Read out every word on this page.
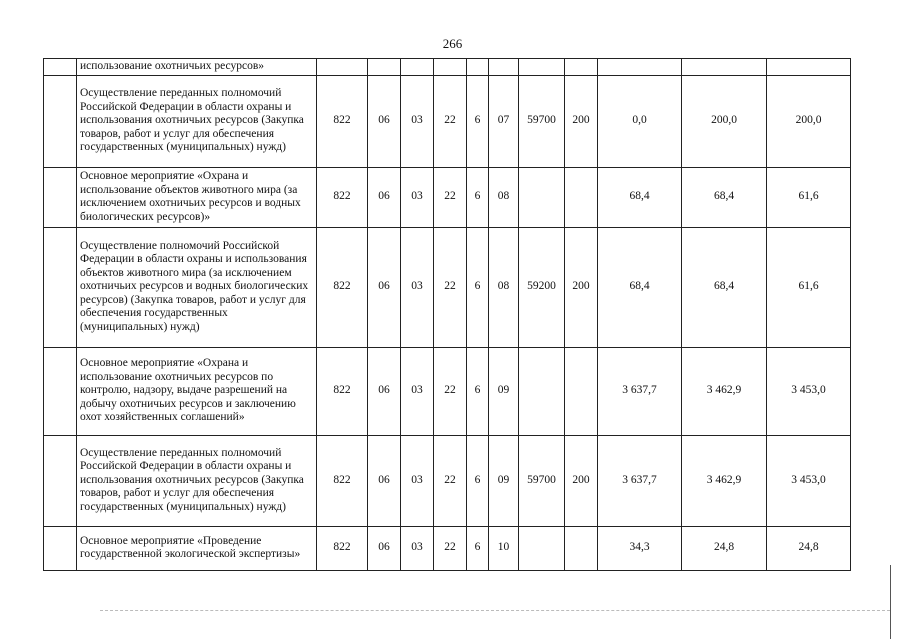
266
	использование охотничьих ресурсов»											
	Осуществление переданных полномочий Российской Федерации в области охраны и использования охотничьих ресурсов (Закупка товаров, работ и услуг для обеспечения государственных (муниципальных) нужд)	822	06	03	22	6	07	59700	200	0,0	200,0	200,0
	Основное мероприятие «Охрана и использование объектов животного мира (за исключением охотничьих ресурсов и водных биологических ресурсов)»	822	06	03	22	6	08			68,4	68,4	61,6
	Осуществление полномочий Российской Федерации в области охраны и использования объектов животного мира (за исключением охотничьих ресурсов и водных биологических ресурсов) (Закупка товаров, работ и услуг для обеспечения государственных (муниципальных) нужд)	822	06	03	22	6	08	59200	200	68,4	68,4	61,6
	Основное мероприятие «Охрана и использование охотничьих ресурсов по контролю, надзору, выдаче разрешений на добычу охотничьих ресурсов и заключению охот хозяйственных соглашений»	822	06	03	22	6	09			3 637,7	3 462,9	3 453,0
	Осуществление переданных полномочий Российской Федерации в области охраны и использования охотничьих ресурсов (Закупка товаров, работ и услуг для обеспечения государственных (муниципальных) нужд)	822	06	03	22	6	09	59700	200	3 637,7	3 462,9	3 453,0
	Основное мероприятие «Проведение государственной экологической экспертизы»	822	06	03	22	6	10			34,3	24,8	24,8
